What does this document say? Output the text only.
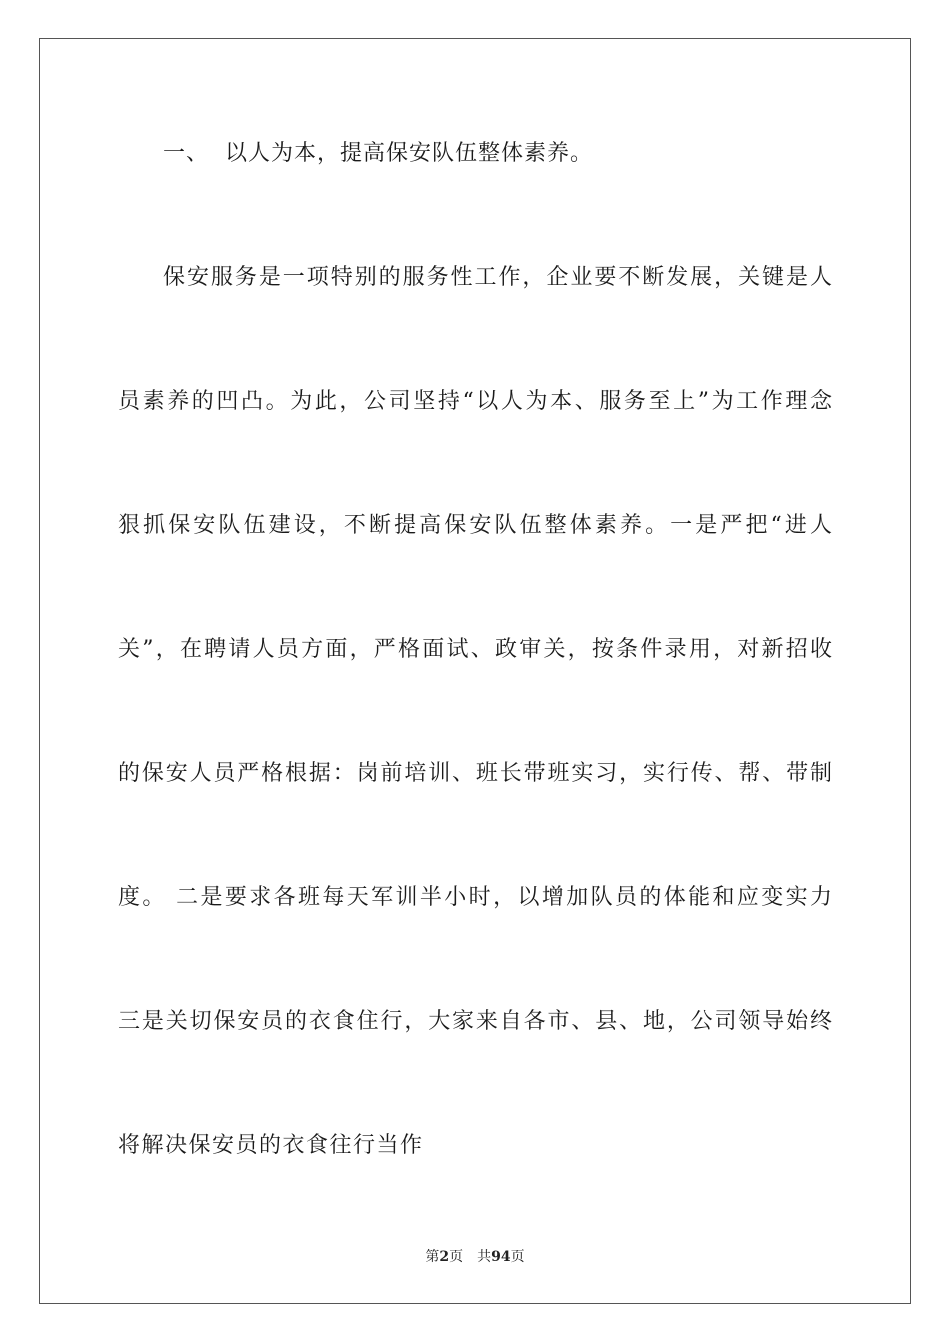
一、 以人为本，提高保安队伍整体素养。
保安服务是一项特别的服务性工作，企业要不断发展，关键是人
员素养的凹凸。为此，公司坚持“以人为本、服务至上”为工作理念
狠抓保安队伍建设，不断提高保安队伍整体素养。一是严把“进人
关”，在聘请人员方面，严格面试、政审关，按条件录用，对新招收
的保安人员严格根据：岗前培训、班长带班实习，实行传、帮、带制
度。 二是要求各班每天军训半小时，以增加队员的体能和应变实力
三是关切保安员的衣食住行，大家来自各市、县、地，公司领导始终
将解决保安员的衣食往行当作
第2页 共94页
